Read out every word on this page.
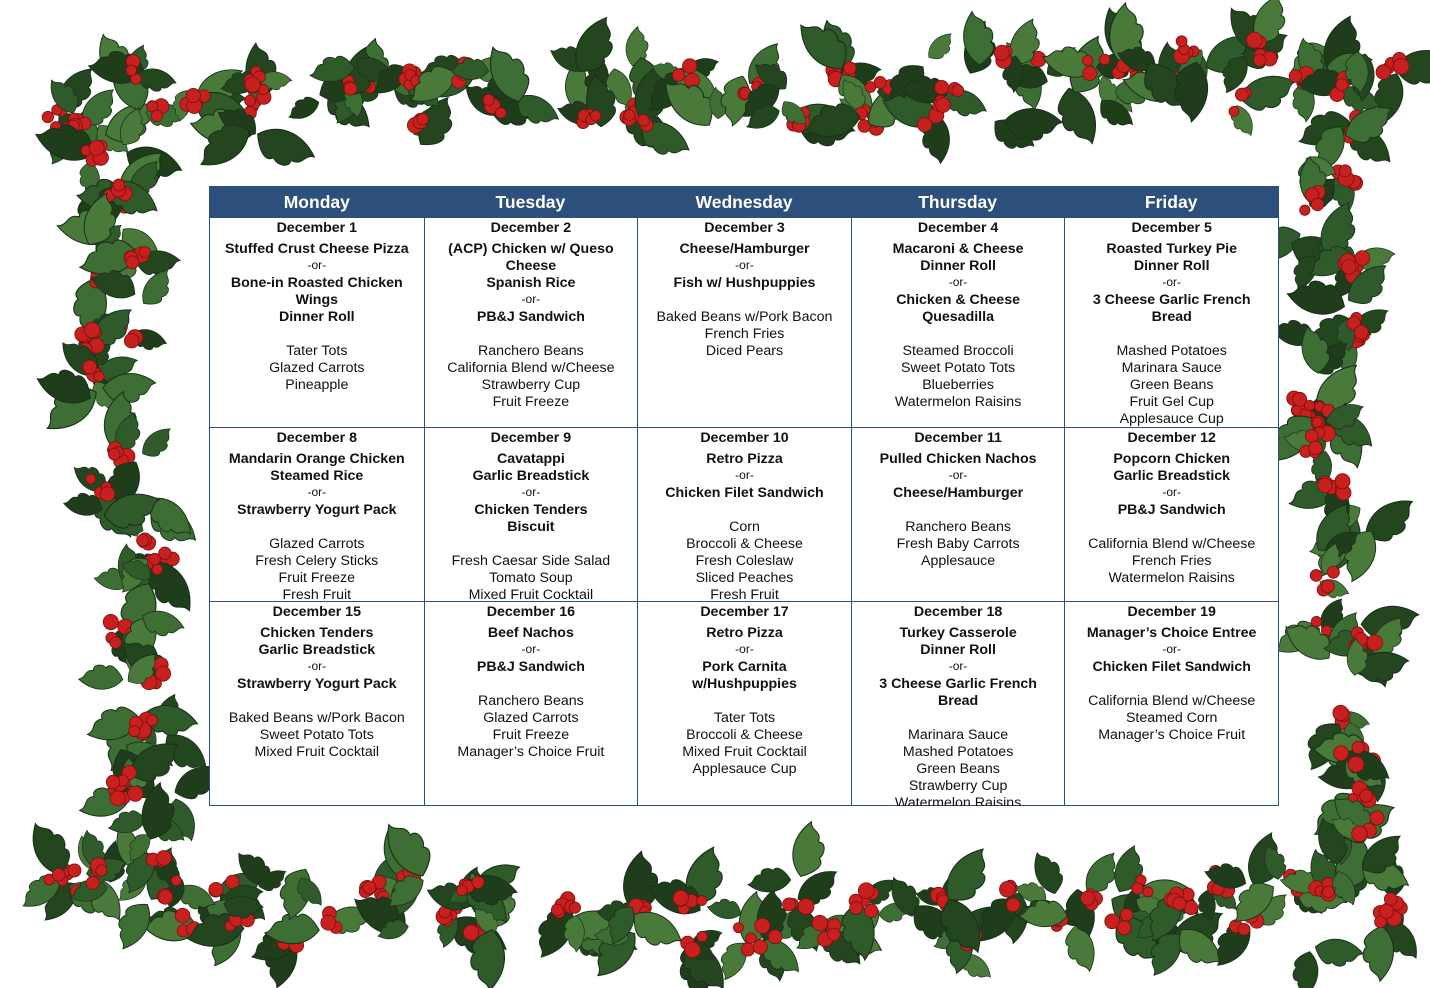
Monday	Tuesday	Wednesday	Thursday	Friday
December 1
Stuffed Crust Cheese Pizza
-or-
Bone-in Roasted Chicken
Wings
Dinner Roll
Tater Tots
Glazed Carrots
Pineapple
December 2
(ACP) Chicken w/ Queso
Cheese
Spanish Rice
-or-
PB&J Sandwich
Ranchero Beans
California Blend w/Cheese
Strawberry Cup
Fruit Freeze
December 3
Cheese/Hamburger
-or-
Fish w/ Hushpuppies
Baked Beans w/Pork Bacon
French Fries
Diced Pears
December 4
Macaroni & Cheese
Dinner Roll
-or-
Chicken & Cheese
Quesadilla
Steamed Broccoli
Sweet Potato Tots
Blueberries
Watermelon Raisins
December 5
Roasted Turkey Pie
Dinner Roll
-or-
3 Cheese Garlic French
Bread
Mashed Potatoes
Marinara Sauce
Green Beans
Fruit Gel Cup
Applesauce Cup
December 8
Mandarin Orange Chicken
Steamed Rice
-or-
Strawberry Yogurt Pack
Glazed Carrots
Fresh Celery Sticks
Fruit Freeze
Fresh Fruit
December 9
Cavatappi
Garlic Breadstick
-or-
Chicken Tenders
Biscuit
Fresh Caesar Side Salad
Tomato Soup
Mixed Fruit Cocktail
December 10
Retro Pizza
-or-
Chicken Filet Sandwich
Corn
Broccoli & Cheese
Fresh Coleslaw
Sliced Peaches
Fresh Fruit
December 11
Pulled Chicken Nachos
-or-
Cheese/Hamburger
Ranchero Beans
Fresh Baby Carrots
Applesauce
December 12
Popcorn Chicken
Garlic Breadstick
-or-
PB&J Sandwich
California Blend w/Cheese
French Fries
Watermelon Raisins
December 15
Chicken Tenders
Garlic Breadstick
-or-
Strawberry Yogurt Pack
Baked Beans w/Pork Bacon
Sweet Potato Tots
Mixed Fruit Cocktail
December 16
Beef Nachos
-or-
PB&J Sandwich
Ranchero Beans
Glazed Carrots
Fruit Freeze
Manager’s Choice Fruit
December 17
Retro Pizza
-or-
Pork Carnita
w/Hushpuppies
Tater Tots
Broccoli & Cheese
Mixed Fruit Cocktail
Applesauce Cup
December 18
Turkey Casserole
Dinner Roll
-or-
3 Cheese Garlic French
Bread
Marinara Sauce
Mashed Potatoes
Green Beans
Strawberry Cup
Watermelon Raisins
December 19
Manager’s Choice Entree
-or-
Chicken Filet Sandwich
California Blend w/Cheese
Steamed Corn
Manager’s Choice Fruit
